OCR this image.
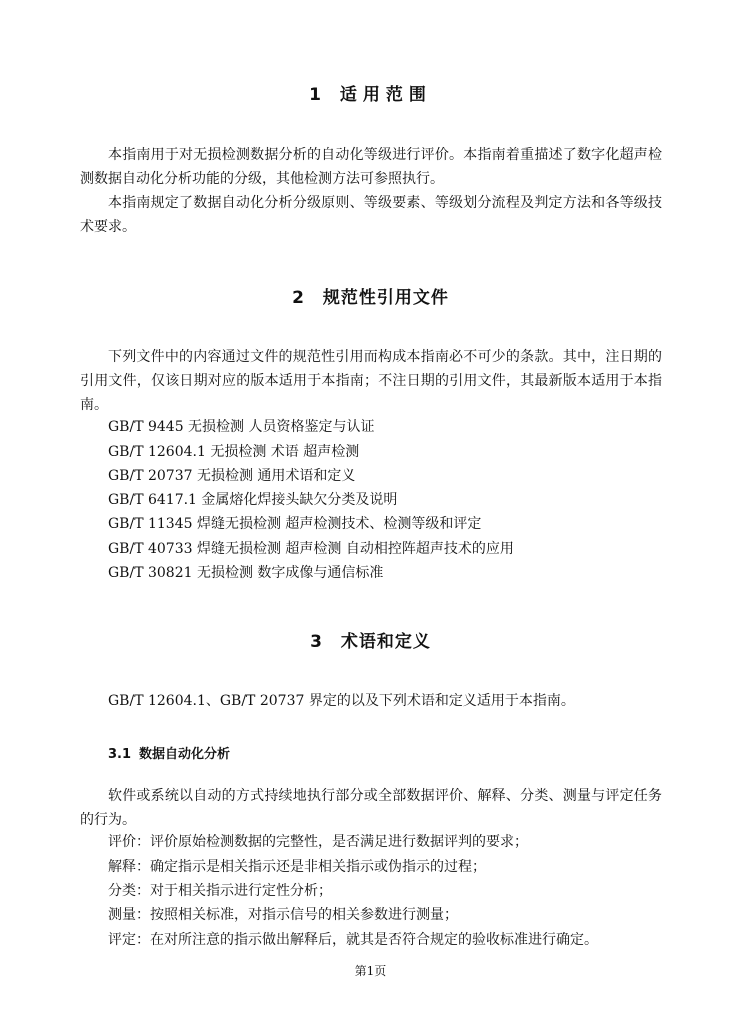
1 适用范围
本指南用于对无损检测数据分析的自动化等级进行评价。本指南着重描述了数字化超声检测数据自动化分析功能的分级，其他检测方法可参照执行。
本指南规定了数据自动化分析分级原则、等级要素、等级划分流程及判定方法和各等级技术要求。
2 规范性引用文件
下列文件中的内容通过文件的规范性引用而构成本指南必不可少的条款。其中，注日期的引用文件，仅该日期对应的版本适用于本指南；不注日期的引用文件，其最新版本适用于本指南。
GB/T 9445 无损检测 人员资格鉴定与认证
GB/T 12604.1 无损检测 术语 超声检测
GB/T 20737 无损检测 通用术语和定义
GB/T 6417.1 金属熔化焊接头缺欠分类及说明
GB/T 11345 焊缝无损检测 超声检测技术、检测等级和评定
GB/T 40733 焊缝无损检测 超声检测 自动相控阵超声技术的应用
GB/T 30821 无损检测 数字成像与通信标准
3 术语和定义
GB/T 12604.1、GB/T 20737 界定的以及下列术语和定义适用于本指南。
3.1 数据自动化分析
软件或系统以自动的方式持续地执行部分或全部数据评价、解释、分类、测量与评定任务的行为。
评价：评价原始检测数据的完整性，是否满足进行数据评判的要求；
解释：确定指示是相关指示还是非相关指示或伪指示的过程；
分类：对于相关指示进行定性分析；
测量：按照相关标准，对指示信号的相关参数进行测量；
评定：在对所注意的指示做出解释后，就其是否符合规定的验收标准进行确定。
第1页
